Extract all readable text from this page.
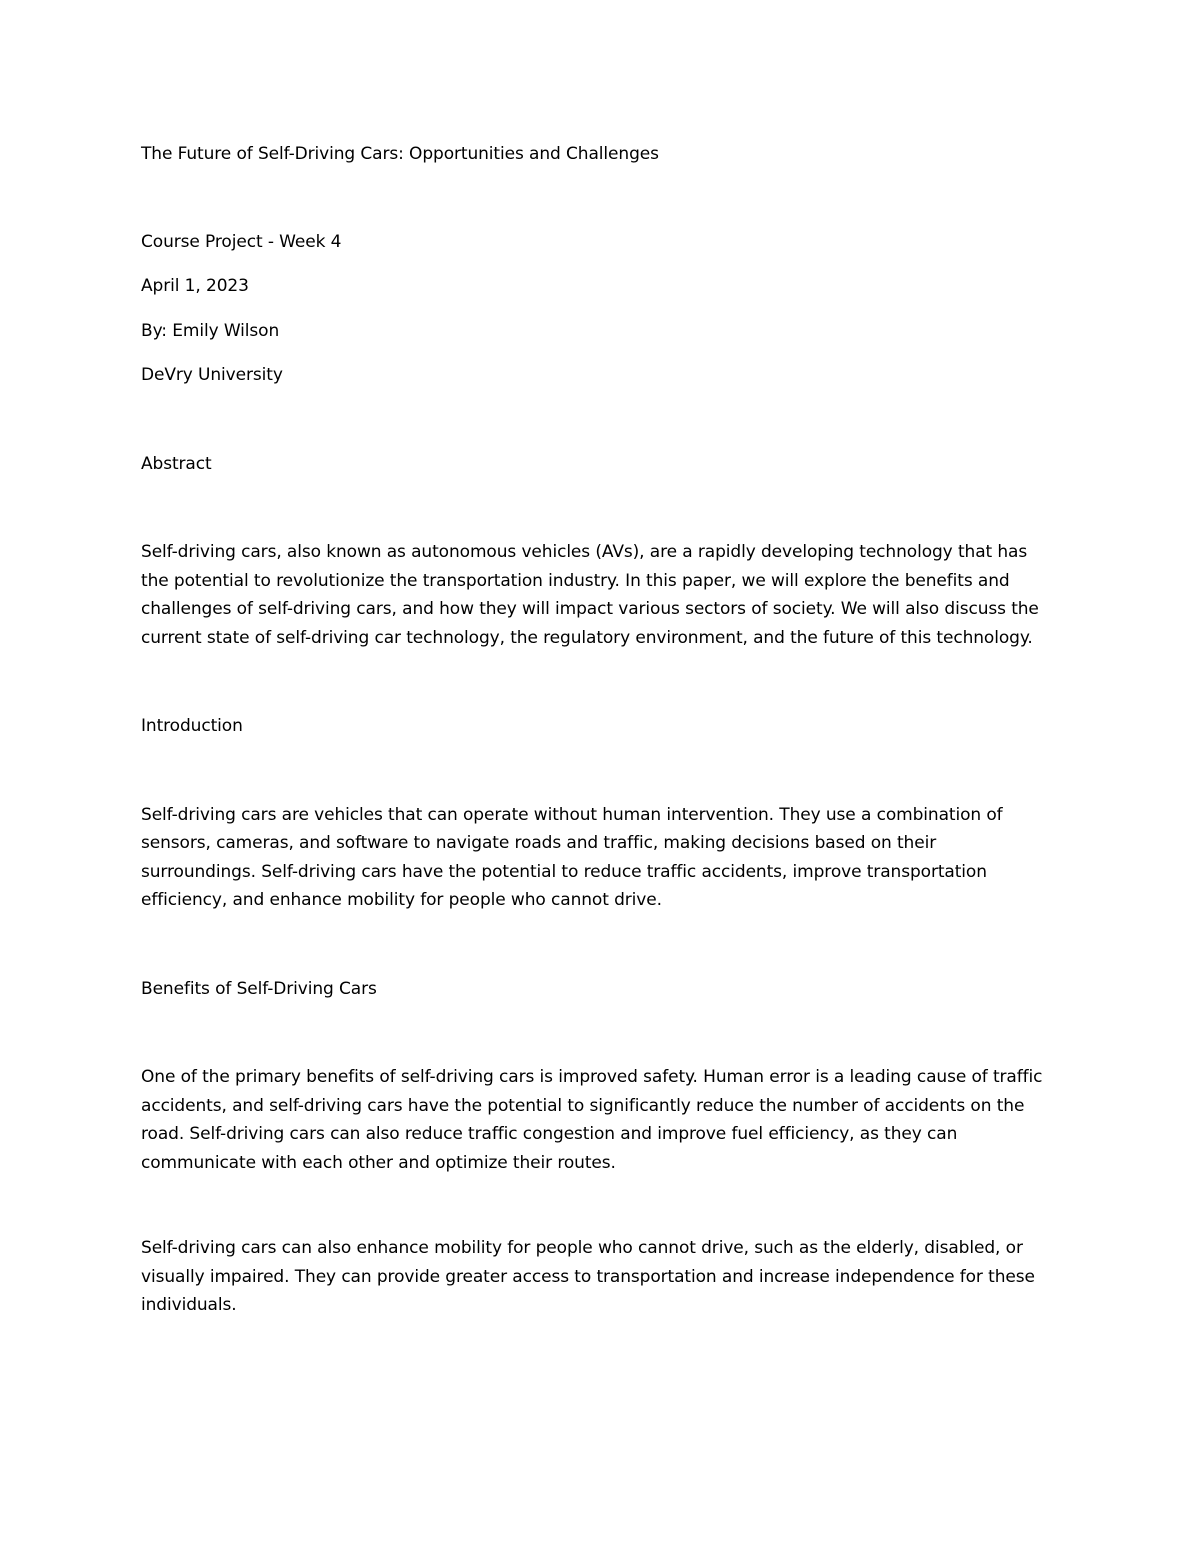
The Future of Self-Driving Cars: Opportunities and Challenges

Course Project - Week 4

April 1, 2023

By: Emily Wilson

DeVry University

Abstract

Self-driving cars, also known as autonomous vehicles (AVs), are a rapidly developing technology that has the potential to revolutionize the transportation industry. In this paper, we will explore the benefits and challenges of self-driving cars, and how they will impact various sectors of society. We will also discuss the current state of self-driving car technology, the regulatory environment, and the future of this technology.

Introduction

Self-driving cars are vehicles that can operate without human intervention. They use a combination of sensors, cameras, and software to navigate roads and traffic, making decisions based on their surroundings. Self-driving cars have the potential to reduce traffic accidents, improve transportation efficiency, and enhance mobility for people who cannot drive.

Benefits of Self-Driving Cars

One of the primary benefits of self-driving cars is improved safety. Human error is a leading cause of traffic accidents, and self-driving cars have the potential to significantly reduce the number of accidents on the road. Self-driving cars can also reduce traffic congestion and improve fuel efficiency, as they can communicate with each other and optimize their routes.

Self-driving cars can also enhance mobility for people who cannot drive, such as the elderly, disabled, or visually impaired. They can provide greater access to transportation and increase independence for these individuals.
